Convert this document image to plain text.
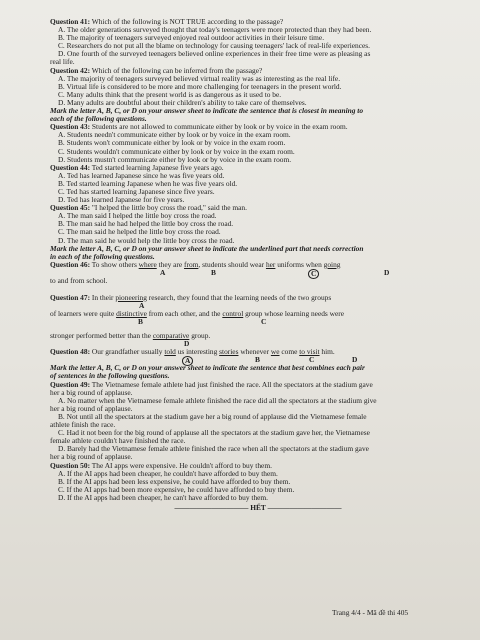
Question 41: Which of the following is NOT TRUE according to the passage?
A. The older generations surveyed thought that today's teenagers were more protected than they had been.
B. The majority of teenagers surveyed enjoyed real outdoor activities in their leisure time.
C. Researchers do not put all the blame on technology for causing teenagers' lack of real-life experiences.
D. One fourth of the surveyed teenagers believed online experiences in their free time were as pleasing as
real life.
Question 42: Which of the following can be inferred from the passage?
A. The majority of teenagers surveyed believed virtual reality was as interesting as the real life.
B. Virtual life is considered to be more and more challenging for teenagers in the present world.
C. Many adults think that the present world is as dangerous as it used to be.
D. Many adults are doubtful about their children's ability to take care of themselves.
Mark the letter A, B, C, or D on your answer sheet to indicate the sentence that is closest in meaning to
each of the following questions.
Question 43: Students are not allowed to communicate either by look or by voice in the exam room.
A. Students needn't communicate either by look or by voice in the exam room.
B. Students won't communicate either by look or by voice in the exam room.
C. Students wouldn't communicate either by look or by voice in the exam room.
D. Students mustn't communicate either by look or by voice in the exam room.
Question 44: Ted started learning Japanese five years ago.
A. Ted has learned Japanese since he was five years old.
B. Ted started learning Japanese when he was five years old.
C. Ted has started learning Japanese since five years.
D. Ted has learned Japanese for five years.
Question 45: "I helped the little boy cross the road," said the man.
A. The man said I helped the little boy cross the road.
B. The man said he had helped the little boy cross the road.
C. The man said he helped the little boy cross the road.
D. The man said he would help the little boy cross the road.
Mark the letter A, B, C, or D on your answer sheet to indicate the underlined part that needs correction
in each of the following questions.
Question 46: To show others where they are from, students should wear her uniforms when going
A	B	C	D
to and from school.
Question 47: In their pioneering research, they found that the learning needs of the two groups
A
of learners were quite distinctive from each other, and the control group whose learning needs were
B	C
stronger performed better than the comparative group.
D
Question 48: Our grandfather usually told us interesting stories whenever we come to visit him.
A	B	C	D
Mark the letter A, B, C, or D on your answer sheet to indicate the sentence that best combines each pair
of sentences in the following questions.
Question 49: The Vietnamese female athlete had just finished the race. All the spectators at the stadium gave
her a big round of applause.
A. No matter when the Vietnamese female athlete finished the race did all the spectators at the stadium give
her a big round of applause.
B. Not until all the spectators at the stadium gave her a big round of applause did the Vietnamese female
athlete finish the race.
C. Had it not been for the big round of applause all the spectators at the stadium gave her, the Vietnamese
female athlete couldn't have finished the race.
D. Barely had the Vietnamese female athlete finished the race when all the spectators at the stadium gave
her a big round of applause.
Question 50: The AI apps were expensive. He couldn't afford to buy them.
A. If the AI apps had been cheaper, he couldn't have afforded to buy them.
B. If the AI apps had been less expensive, he could have afforded to buy them.
C. If the AI apps had been more expensive, he could have afforded to buy them.
D. If the AI apps had been cheaper, he can't have afforded to buy them.
—————————— HẾT ——————————
Trang 4/4 - Mã đề thi 405
